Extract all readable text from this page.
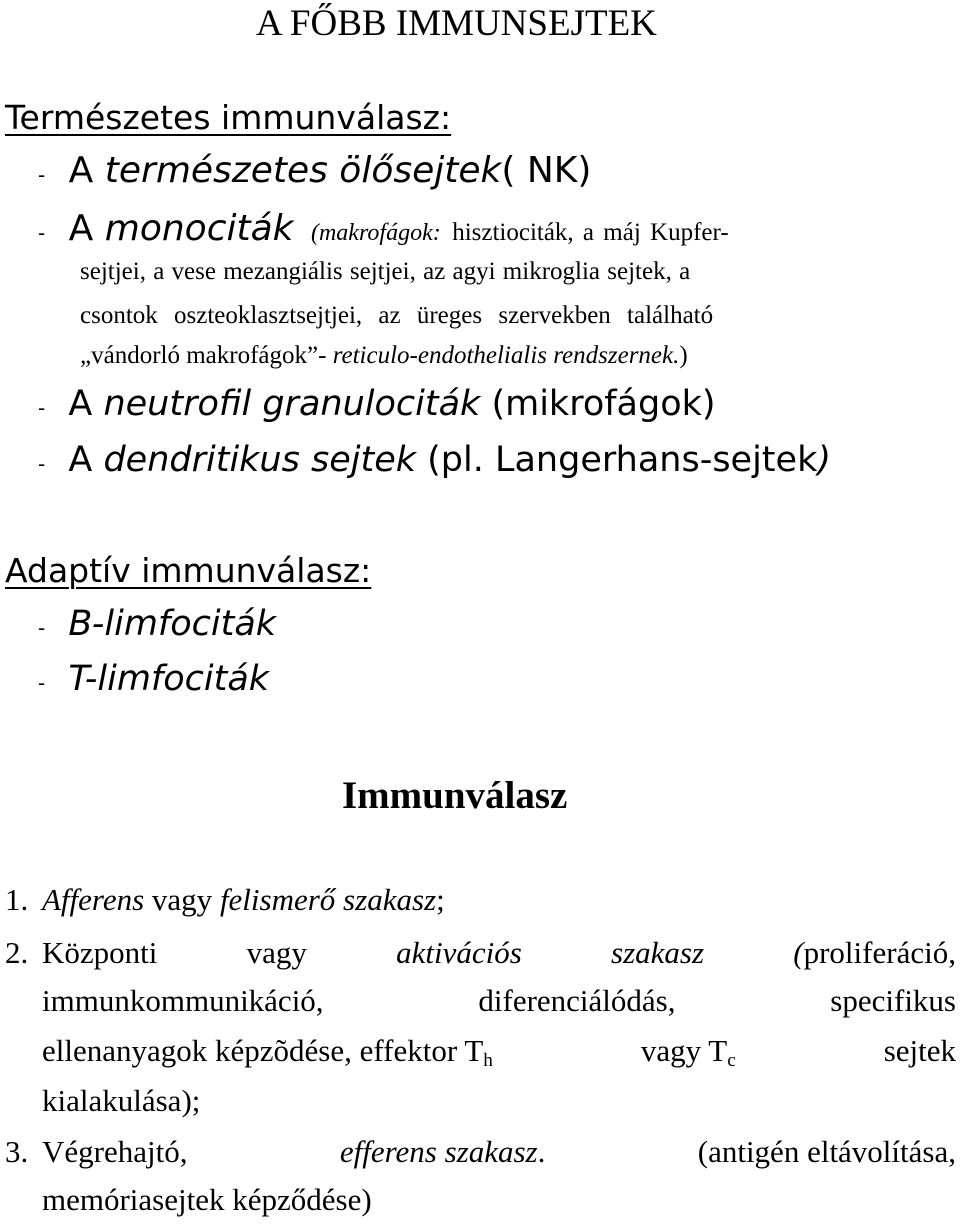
A FŐBB IMMUNSEJTEK
Természetes immunválasz:
- A természetes ölősejtek( NK)
- A monociták (makrofágok: hisztiociták, a máj Kupfer-
sejtjei, a vese mezangiális sejtjei, az agyi mikroglia sejtek, a
csontok oszteoklasztsejtjei, az üreges szervekben található
„vándorló makrofágok”- reticulo-endothelialis rendszernek.)
- A neutrofil granulociták (mikrofágok)
- A dendritikus sejtek (pl. Langerhans-sejtek)
Adaptív immunválasz:
- B-limfociták
- T-limfociták
Immunválasz
1. Afferens vagy felismerő szakasz;
2. Központi	vagy	aktivációs	szakasz	(proliferáció,
immunkommunikáció, diferenciálódás, specifikus
ellenanyagok képzõdése, effektor $T_h$	vagy $T_c$	sejtek
kialakulása);
3. Végrehajtó,	efferens szakasz.	(antigén eltávolítása,
memóriasejtek képződése)
